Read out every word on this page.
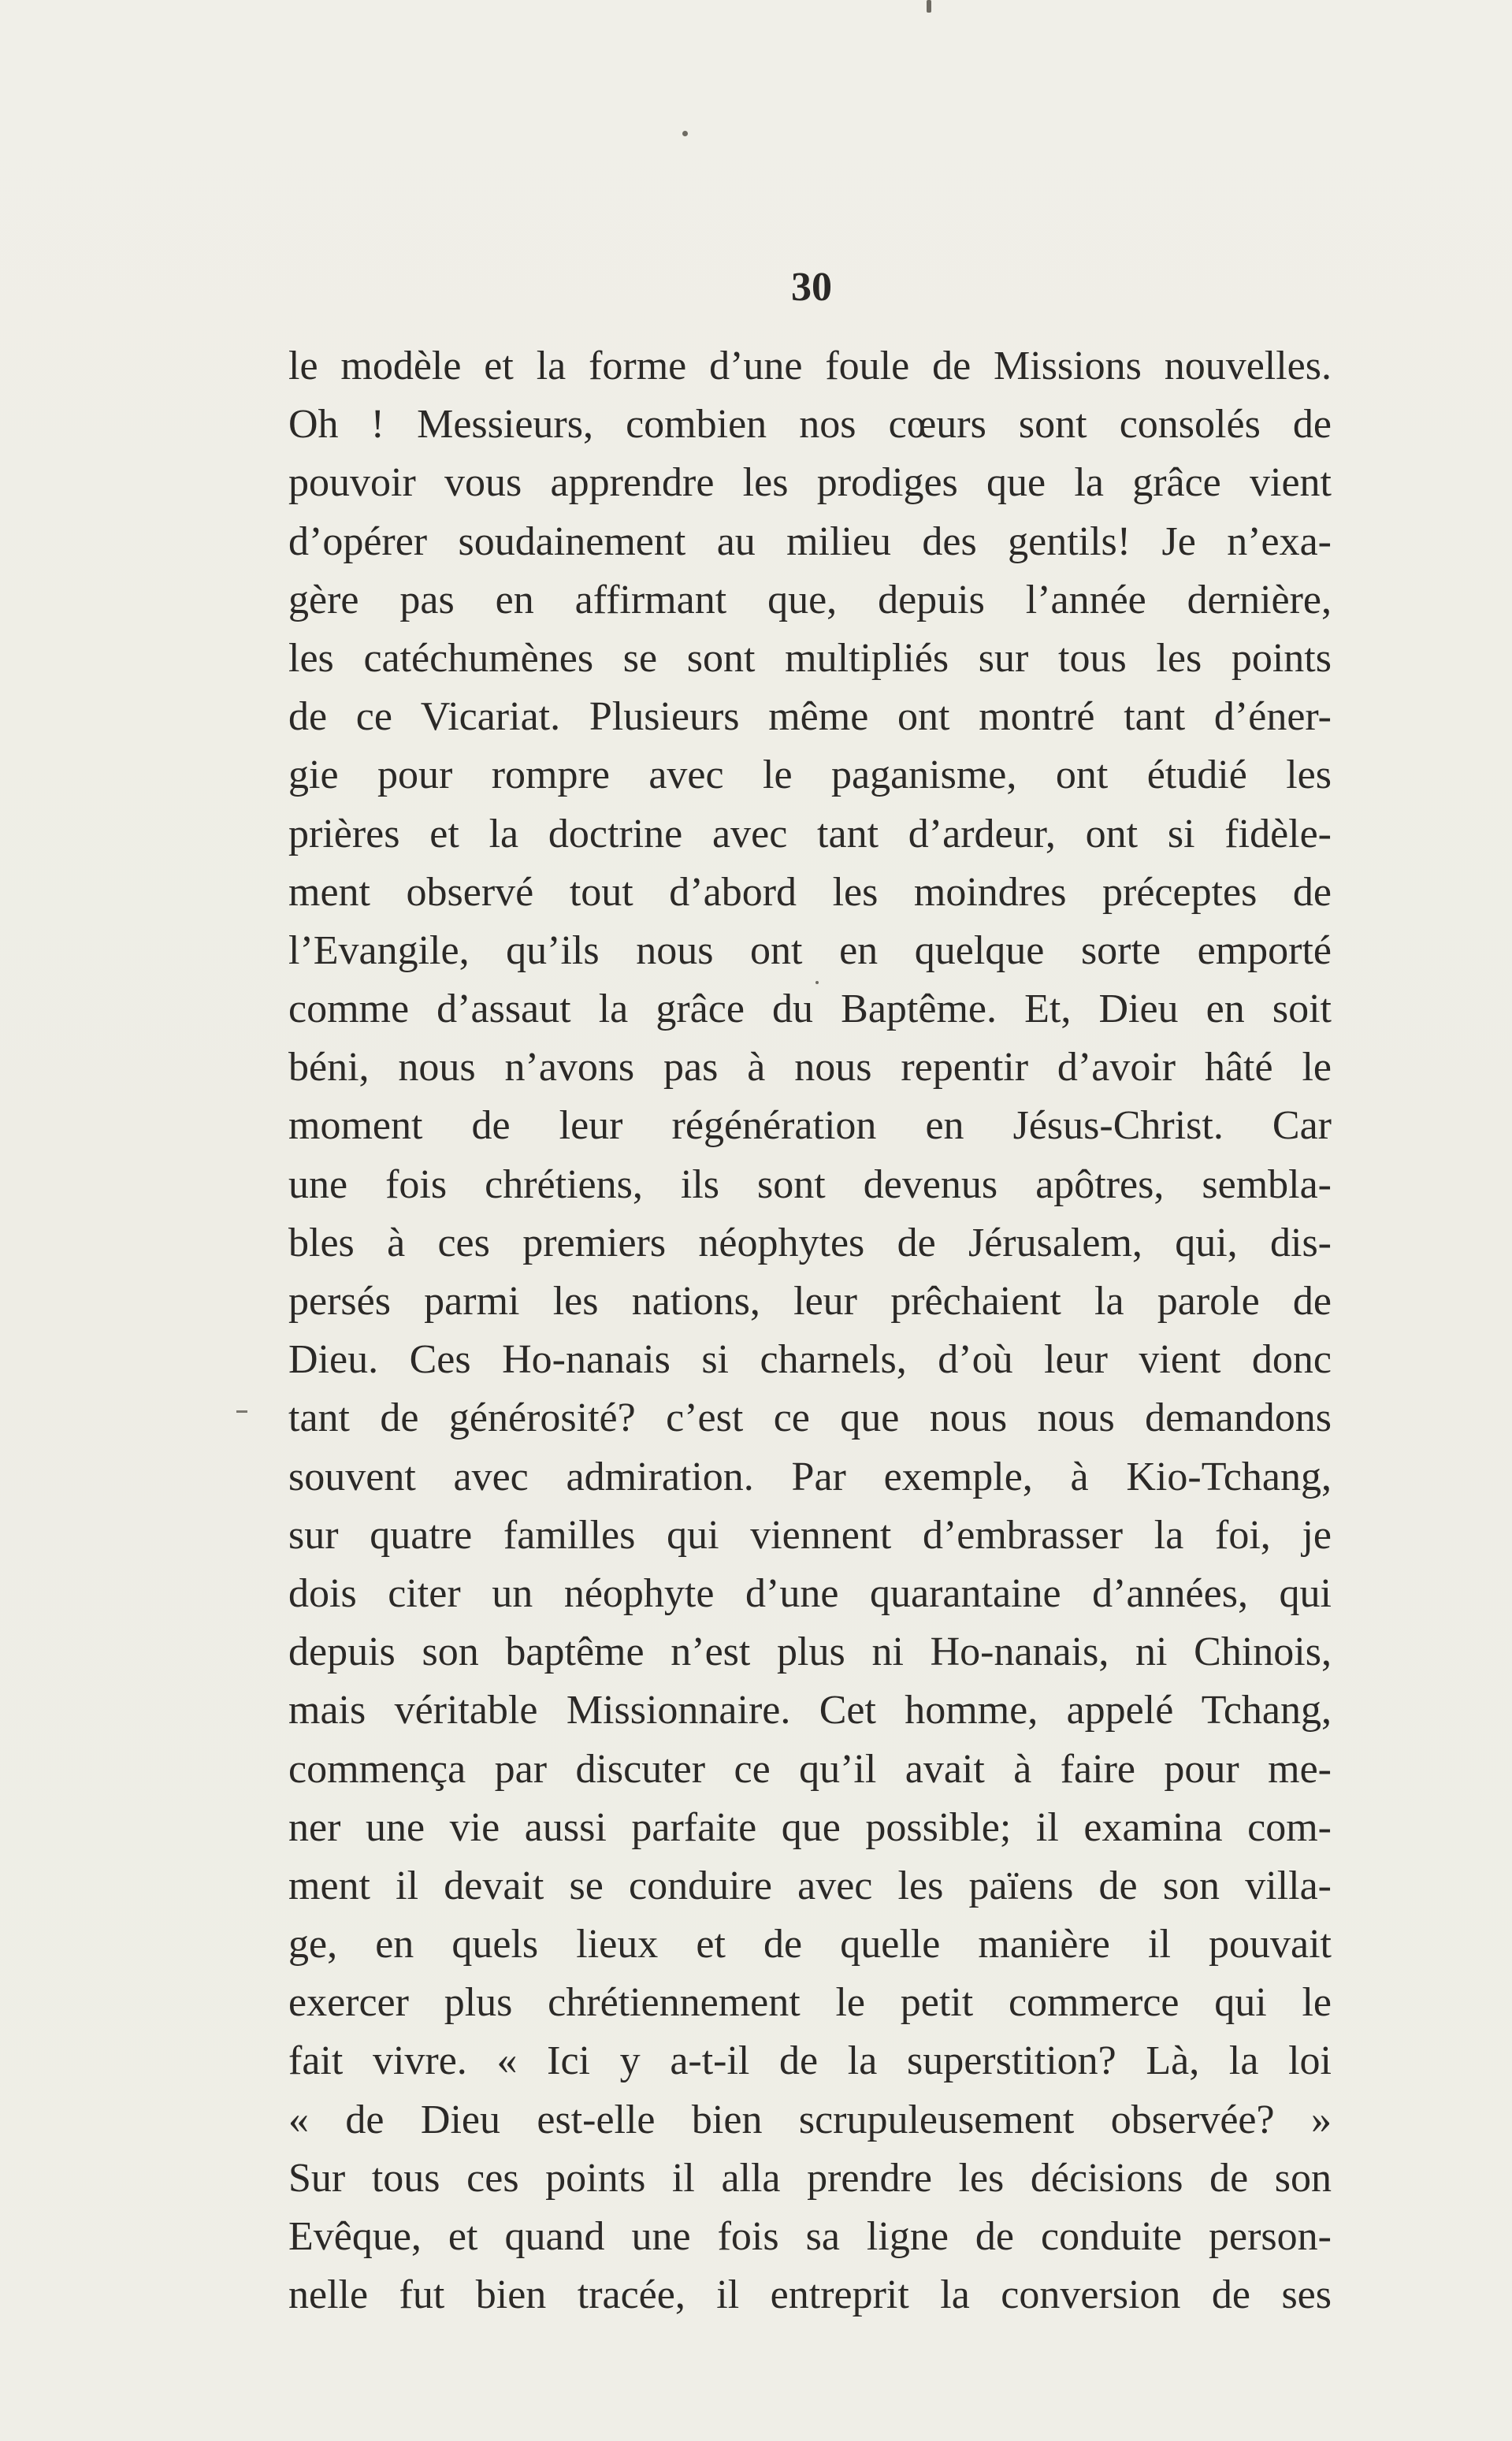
30
le modèle et la forme d’une foule de Missions nouvelles.
Oh ! Messieurs, combien nos cœurs sont consolés de
pouvoir vous apprendre les prodiges que la grâce vient
d’opérer soudainement au milieu des gentils! Je n’exa-
gère pas en affirmant que, depuis l’année dernière,
les catéchumènes se sont multipliés sur tous les points
de ce Vicariat. Plusieurs même ont montré tant d’éner-
gie pour rompre avec le paganisme, ont étudié les
prières et la doctrine avec tant d’ardeur, ont si fidèle-
ment observé tout d’abord les moindres préceptes de
l’Evangile, qu’ils nous ont en quelque sorte emporté
comme d’assaut la grâce du Baptême. Et, Dieu en soit
béni, nous n’avons pas à nous repentir d’avoir hâté le
moment de leur régénération en Jésus-Christ. Car
une fois chrétiens, ils sont devenus apôtres, sembla-
bles à ces premiers néophytes de Jérusalem, qui, dis-
persés parmi les nations, leur prêchaient la parole de
Dieu. Ces Ho-nanais si charnels, d’où leur vient donc
tant de générosité? c’est ce que nous nous demandons
souvent avec admiration. Par exemple, à Kio-Tchang,
sur quatre familles qui viennent d’embrasser la foi, je
dois citer un néophyte d’une quarantaine d’années, qui
depuis son baptême n’est plus ni Ho-nanais, ni Chinois,
mais véritable Missionnaire. Cet homme, appelé Tchang,
commença par discuter ce qu’il avait à faire pour me-
ner une vie aussi parfaite que possible; il examina com-
ment il devait se conduire avec les païens de son villa-
ge, en quels lieux et de quelle manière il pouvait
exercer plus chrétiennement le petit commerce qui le
fait vivre. « Ici y a-t-il de la superstition? Là, la loi
« de Dieu est-elle bien scrupuleusement observée? »
Sur tous ces points il alla prendre les décisions de son
Evêque, et quand une fois sa ligne de conduite person-
nelle fut bien tracée, il entreprit la conversion de ses
